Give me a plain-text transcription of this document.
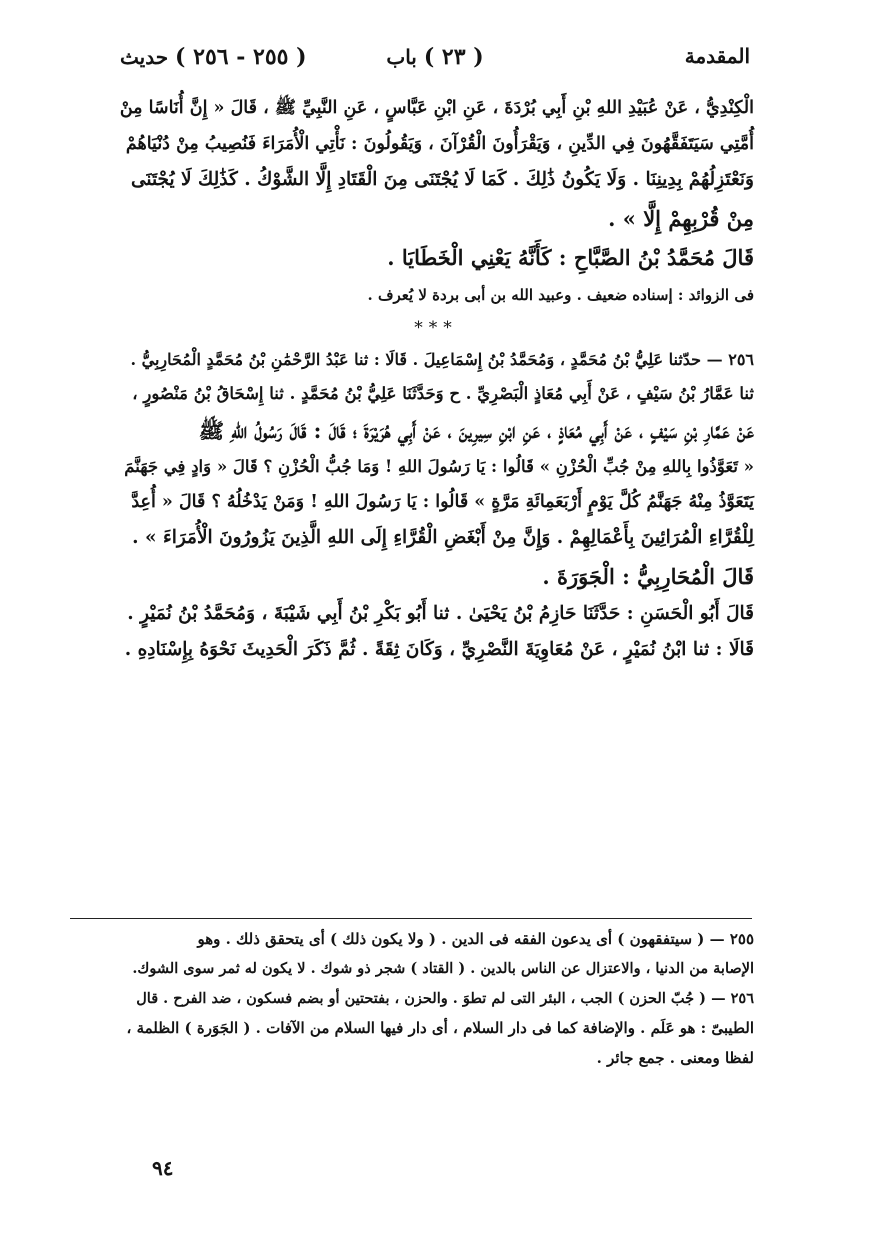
المقدمة
( ٢٣ ) باب
( ٢٥٥ - ٢٥٦ ) حديث
الْكِنْدِيُّ ، عَنْ عُبَيْدِ اللهِ بْنِ أَبِي بُرْدَةَ ، عَنِ ابْنِ عَبَّاسٍ ، عَنِ النَّبِيِّ ﷺ ، قَالَ « إِنَّ أُنَاسًا مِنْ
أُمَّتِي سَيَتَفَقَّهُونَ فِي الدِّينِ ، وَيَقْرَأُونَ الْقُرْآنَ ، وَيَقُولُونَ : نَأْتِي الْأُمَرَاءَ فَنُصِيبُ مِنْ دُنْيَاهُمْ
وَنَعْتَزِلُهُمْ بِدِينِنَا . وَلَا يَكُونُ ذَٰلِكَ . كَمَا لَا يُجْتَنَى مِنَ الْقَتَادِ إِلَّا الشَّوْكُ . كَذَٰلِكَ لَا يُجْتَنَى
مِنْ قُرْبِهِمْ إِلَّا » .
قَالَ مُحَمَّدُ بْنُ الصَّبَّاحِ : كَأَنَّهُ يَعْنِي الْخَطَايَا .
فى الزوائد : إسناده ضعيف . وعبيد الله بن أبى بردة لا يُعرف .
***
٢٥٦ — حدّثنا عَلِيُّ بْنُ مُحَمَّدٍ ، وَمُحَمَّدُ بْنُ إِسْمَاعِيلَ . قَالَا : ثنا عَبْدُ الرَّحْمَٰنِ بْنُ مُحَمَّدٍ الْمُحَارِبِيُّ .
ثنا عَمَّارُ بْنُ سَيْفٍ ، عَنْ أَبِي مُعَاذٍ الْبَصْرِيِّ . ح وَحَدَّثَنَا عَلِيُّ بْنُ مُحَمَّدٍ . ثنا إِسْحَاقُ بْنُ مَنْصُورٍ ،
عَنْ عَمَّارِ بْنِ سَيْفٍ ، عَنْ أَبِي مُعَاذٍ ، عَنِ ابْنِ سِيرِينَ ، عَنْ أَبِي هُرَيْرَةَ ؛ قَالَ : قَالَ رَسُولُ اللهِ ﷺ
« تَعَوَّذُوا بِاللهِ مِنْ جُبِّ الْحُزْنِ » قَالُوا : يَا رَسُولَ اللهِ ! وَمَا جُبُّ الْحُزْنِ ؟ قَالَ « وَادٍ فِي جَهَنَّمَ
يَتَعَوَّذُ مِنْهُ جَهَنَّمُ كُلَّ يَوْمٍ أَرْبَعَمِائَةِ مَرَّةٍ » قَالُوا : يَا رَسُولَ اللهِ ! وَمَنْ يَدْخُلُهُ ؟ قَالَ « أُعِدَّ
لِلْقُرَّاءِ الْمُرَائِينَ بِأَعْمَالِهِمْ . وَإِنَّ مِنْ أَبْغَضِ الْقُرَّاءِ إِلَى اللهِ الَّذِينَ يَزُورُونَ الْأُمَرَاءَ » .
قَالَ الْمُحَارِبِيُّ : الْجَوَرَةَ .
قَالَ أَبُو الْحَسَنِ : حَدَّثَنَا حَازِمُ بْنُ يَحْيَىٰ . ثنا أَبُو بَكْرِ بْنُ أَبِي شَيْبَةَ ، وَمُحَمَّدُ بْنُ نُمَيْرٍ .
قَالَا : ثنا ابْنُ نُمَيْرٍ ، عَنْ مُعَاوِيَةَ النَّصْرِيِّ ، وَكَانَ ثِقَةً . ثُمَّ ذَكَرَ الْحَدِيثَ نَحْوَهُ بِإِسْنَادِهِ .
٢٥٥ — ( سيتفقهون ) أى يدعون الفقه فى الدين . ( ولا يكون ذلك ) أى يتحقق ذلك . وهو
الإصابة من الدنيا ، والاعتزال عن الناس بالدين . ( القتاد ) شجر ذو شوك . لا يكون له ثمر سوى الشوك.
٢٥٦ — ( جُبّ الحزن ) الجب ، البئر التى لم تطوَ . والحزن ، بفتحتين أو بضم فسكون ، ضد الفرح . قال
الطيبىّ : هو عَلَم . والإضافة كما فى دار السلام ، أى دار فيها السلام من الآفات . ( الجَوَرة ) الظلمة ،
لفظا ومعنى . جمع جائر .
٩٤
